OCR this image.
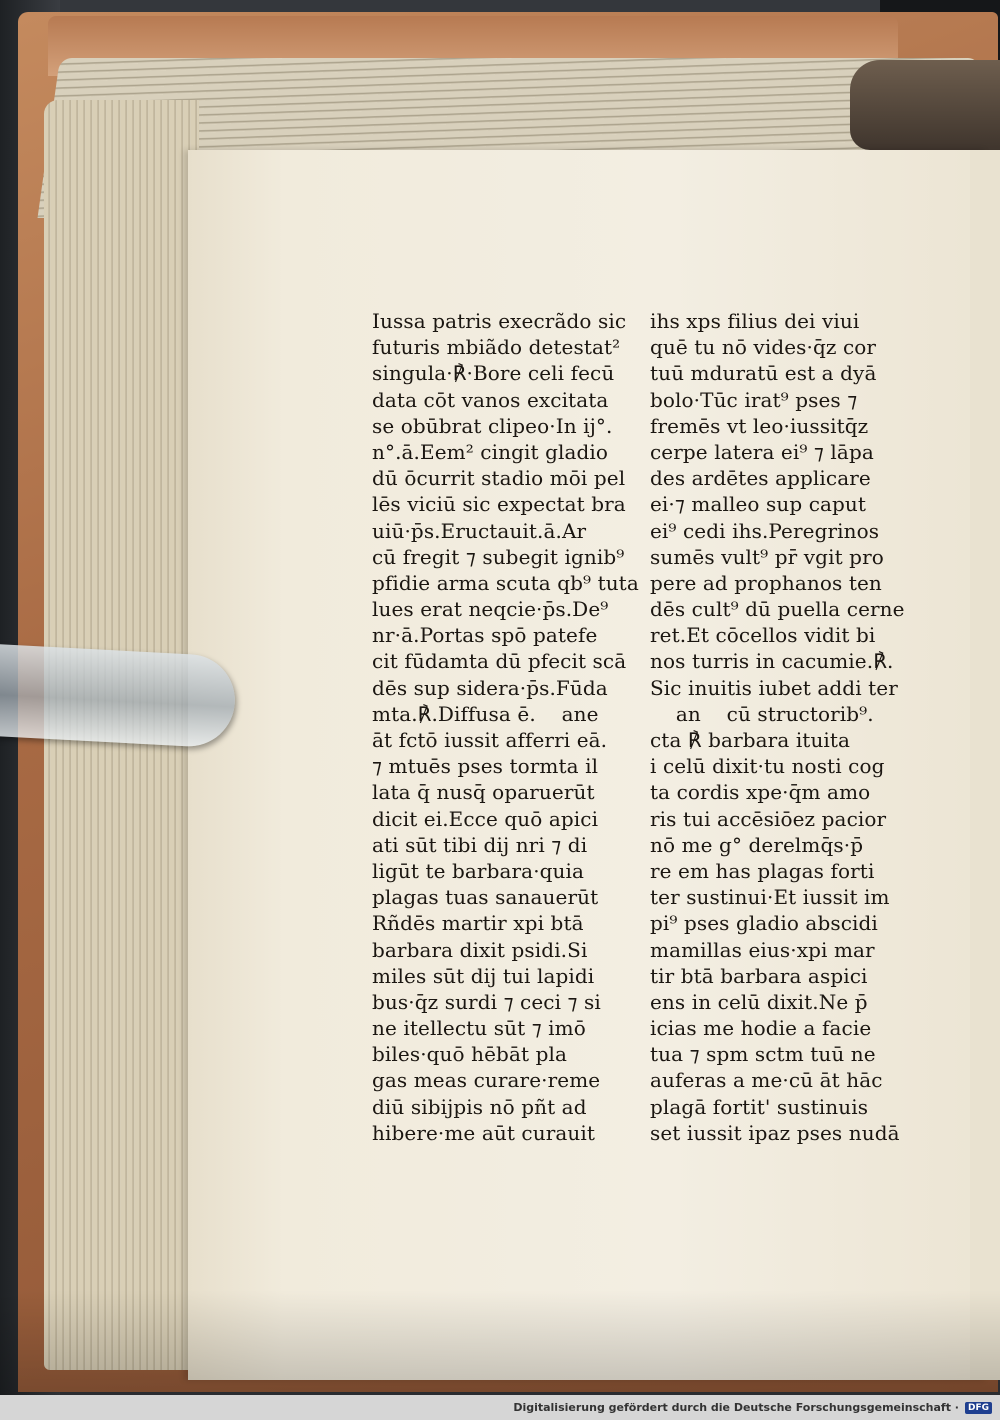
Iussa patris execrãdo sic
futuris mbiãdo detestat²
singula·℟·Bore celi fecū
data cōt vanos excitata
se obūbrat clipeo·In ij°.
n°.ā.Eem² cingit gladio
dū ōcurrit stadio mōi pel
lēs viciū sic expectat bra
uiū·p̄s.Eructauit.ā.Ar
cū fregit ⁊ subegit ignib⁹
pfidie arma scuta qb⁹ tuta
lues erat neqcie·p̄s.De⁹
nr·ā.Portas spō patefe
cit fūdamta dū pfecit scā
dēs sup sidera·p̄s.Fūda
mta.℟.Diffusa ē.    ane
āt fctō iussit afferri eā.
⁊ mtuēs pses tormta il
lata q̄ nusq̄ oparuerūt
dicit ei.Ecce quō apici
ati sūt tibi dij nri ⁊ di
ligūt te barbara·quia
plagas tuas sanauerūt
Rñdēs martir xpi btā
barbara dixit psidi.Si
miles sūt dij tui lapidi
bus·q̄z surdi ⁊ ceci ⁊ si
ne itellectu sūt ⁊ imō
biles·quō hēbāt pla
gas meas curare·reme
diū sibijpis nō pñt ad
hibere·me aūt curauit
ihs xps filius dei viui
quē tu nō vides·q̄z cor
tuū mduratū est a dyā
bolo·Tūc irat⁹ pses ⁊
fremēs vt leo·iussitq̄z
cerpe latera ei⁹ ⁊ lāpa
des ardētes applicare
ei·⁊ malleo sup caput
ei⁹ cedi ihs.Peregrinos
sumēs vult⁹ pr̄ vgit pro
pere ad prophanos ten
dēs cult⁹ dū puella cerne
ret.Et cōcellos vidit bi
nos turris in cacumie.℟.
Sic inuitis iubet addi ter
an    cū structorib⁹.
cta ℟ barbara ituita
i celū dixit·tu nosti cog
ta cordis xpe·q̄m amo
ris tui accēsiōez pacior
nō me g° derelmq̄s·p̄
re em has plagas forti
ter sustinui·Et iussit im
pi⁹ pses gladio abscidi
mamillas eius·xpi mar
tir btā barbara aspici
ens in celū dixit.Ne p̄
icias me hodie a facie
tua ⁊ spm sctm tuū ne
auferas a me·cū āt hāc
plagā fortit' sustinuis
set iussit ipaz pses nudā
Digitalisierung gefördert durch die Deutsche Forschungsgemeinschaft ·	DFG
